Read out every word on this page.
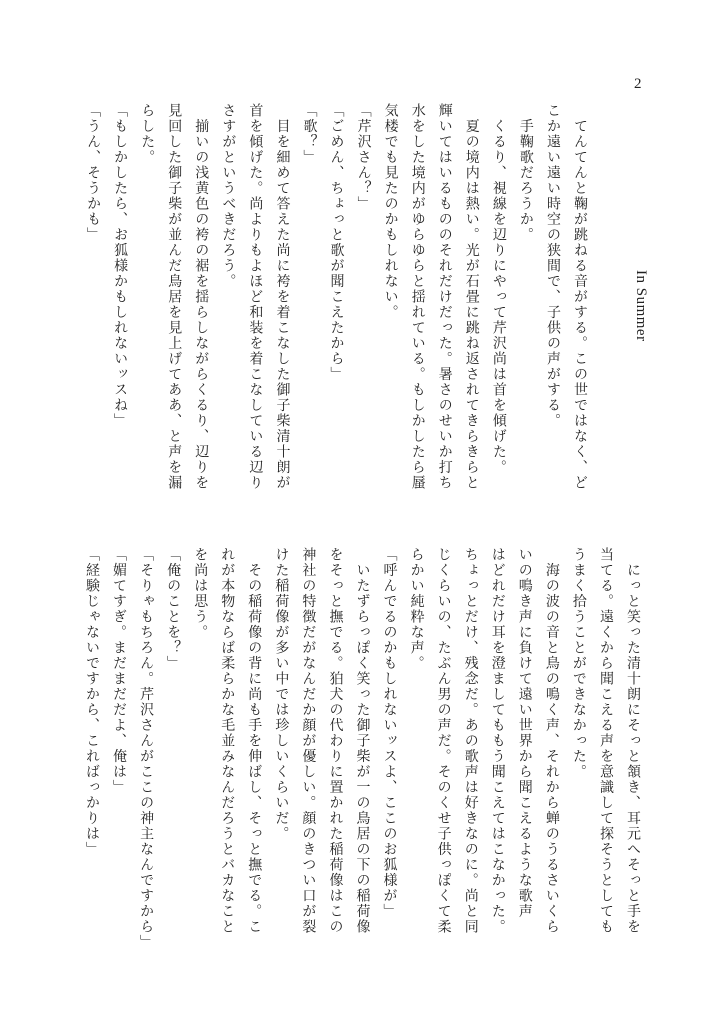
2
In Summer
　てんてんと鞠が跳ねる音がする。この世ではなく、ど
こか遠い遠い時空の狭間で、子供の声がする。
　手鞠歌だろうか。
　くるり、視線を辺りにやって芹沢尚は首を傾げた。
　夏の境内は熱い。光が石畳に跳ね返されてきらきらと
輝いてはいるもののそれだけだった。暑さのせいか打ち
水をした境内がゆらゆらと揺れている。もしかしたら蜃
気楼でも見たのかもしれない。
「芹沢さん？」
「ごめん、ちょっと歌が聞こえたから」
「歌？」
　目を細めて答えた尚に袴を着こなした御子柴清十朗が
首を傾げた。尚よりもよほど和装を着こなしている辺り
さすがというべきだろう。
　揃いの浅黄色の袴の裾を揺らしながらくるり、辺りを
見回した御子柴が並んだ鳥居を見上げてああ、と声を漏
らした。
「もしかしたら、お狐様かもしれないッスね」
「うん、そうかも」
　にっと笑った清十朗にそっと頷き、耳元へそっと手を
当てる。遠くから聞こえる声を意識して探そうとしても
うまく拾うことができなかった。
　海の波の音と鳥の鳴く声、それから蝉のうるさいくら
いの鳴き声に負けて遠い世界から聞こえるような歌声
はどれだけ耳を澄ましてももう聞こえてはこなかった。
ちょっとだけ、残念だ。あの歌声は好きなのに。尚と同
じくらいの、たぶん男の声だ。そのくせ子供っぽくて柔
らかい純粋な声。
「呼んでるのかもしれないッスよ、ここのお狐様が」
　いたずらっぽく笑った御子柴が一の鳥居の下の稲荷像
をそっと撫でる。狛犬の代わりに置かれた稲荷像はこの
神社の特徴だがなんだか顔が優しい。顔のきつい口が裂
けた稲荷像が多い中では珍しいくらいだ。
　その稲荷像の背に尚も手を伸ばし、そっと撫でる。こ
れが本物ならば柔らかな毛並みなんだろうとバカなこと
を尚は思う。
「俺のことを？」
「そりゃもちろん。芹沢さんがここの神主なんですから」
「媚てすぎ。まだまだだよ、俺は」
「経験じゃないですから、こればっかりは」
